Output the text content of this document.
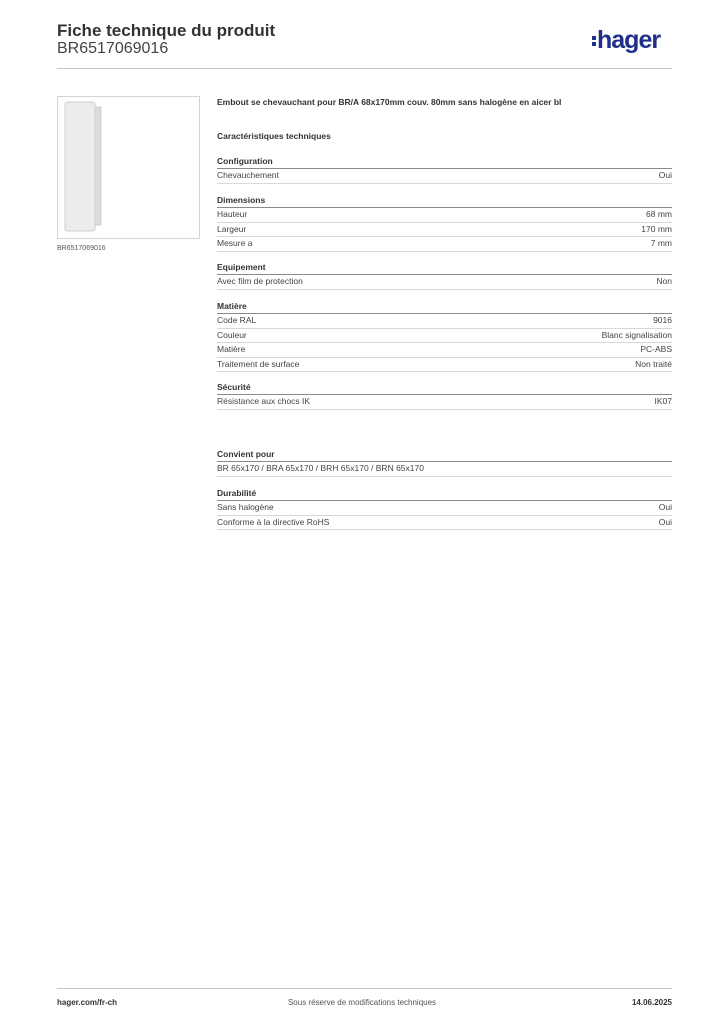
Fiche technique du produit
BR6517069016	hager
BR6517069016
Embout se chevauchant pour BR/A 68x170mm couv. 80mm sans halogène en aicer bl
Caractéristiques techniques
Configuration
Chevauchement	Oui
Dimensions
Hauteur	68 mm
Largeur	170 mm
Mesure a	7 mm
Equipement
Avec film de protection	Non
Matière
Code RAL	9016
Couleur	Blanc signalisation
Matière	PC-ABS
Traitement de surface	Non traité
Sécurité
Résistance aux chocs IK	IK07
Convient pour
BR 65x170 / BRA 65x170 / BRH 65x170 / BRN 65x170
Durabilité
Sans halogène	Oui
Conforme à la directive RoHS	Oui
hager.com/fr-ch	Sous réserve de modifications techniques	14.06.2025
